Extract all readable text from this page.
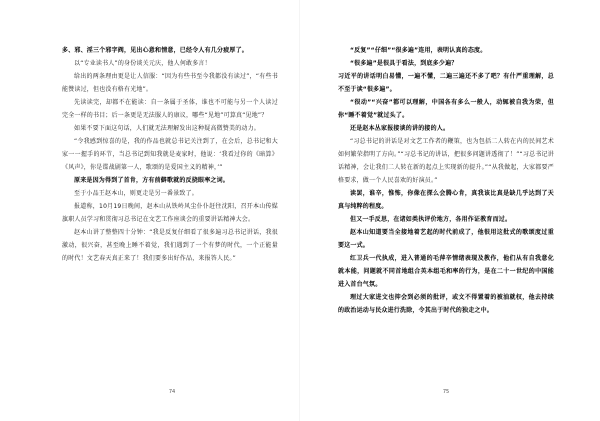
多、邪、淫三个邪字阀，见出心意和情意，已经令人有几分疲厚了。

以“专业读书人”的身份谈关元庆，他人何敢多言！

给出的两条理由更是让人信服：“因为有些书至今我都没有读过”，“有些书能赞读过，但也没有格有光地”。

先读读完，却都不在能读：自一条属于圣体，谁也不可能与另一个人读过完全一样的书目；后一条更是无法服人的康议，哪些“见地”可算真“见地”？

如果不要下面这句话，人们就无法理解发出这种疑高微赞美的动力。

“令我感到惊喜的是，我的作品也就总书记关注到了，在会后，总书记和大家一一握手的环节，当总书记到知我就是麦家时，他说：‘我看过你的《暗算》《风声》，你是谍战剧第一人，歌颂的是爱国主义的精神，’”

原来是因为得到了首肯，方有前僻歌就的反挠眼率之词。

至于小品王赵本山，则更走是另一番景致了。

报道称，10月19日晚间，赵本山从铁岭风尘仆仆赶往沈阳，召开本山传媒旗职人员学习和贯彻习总书记在文艺工作座谈会的重要讲话精神大会。

赵本山讲了整整四十分钟：“我是反复仔细看了很多遍习总书记讲话，我很激动，很兴奋，甚至晚上睡不着觉，我们遇到了一个有梦的时代，一个正能量的时代！文艺春天真正来了！我们要多出好作品，来报答人民。”

74

“反复”“仔细”“很多遍”连用，表明认真的态度。

“很多遍”是很具于看法，到底多少遍？

习近平的讲话明白易懂，一遍不懂，二遍三遍还不多了吧？有什严重理解，总不至于读“很多遍”。

“很动”“兴奋”都可以理解，中国各有多么一般人，动辄被自我为荣，但你“睡不着觉”就过头了。

还是赵本丛家报接谈的讲的接的人。

“习总书记的讲话是对文艺工作者的鞭策，也为包括二人转在内的民间艺术如何繁荣指明了方向。”“习总书记的讲话，把很多问题讲透彻了！”“习总书记讲话精神，会让我们二人转在新的起点上实现新的提升。”“从我做起，大家都要严格要求，做一个人民喜欢的好演员。”

读罢，谁辛，惟怖，你像在探么会腾心肯，真我该比真是缺几乎达到了天真与纯粹的程度。

但又一手反思，在诸如类执评价地方，各用作证教育而过。

赵本山知道要当全接地着艺起的时代前成了，他很用这批式的歌颂度过重要这一式。

红卫兵一代执成，进入普通的毛萍辛情绪表现及教作，他们从有自我意化就本能，问题就不同首地组合英本组毛和率的行为，是在二十一世纪的中国能进入首台气氛。

理过大家进文也抑会到必须的批评，或文不得置着的被油就权，他去持续的政治运动与民众进行洗除，令其出于时代的独走之中。

75
